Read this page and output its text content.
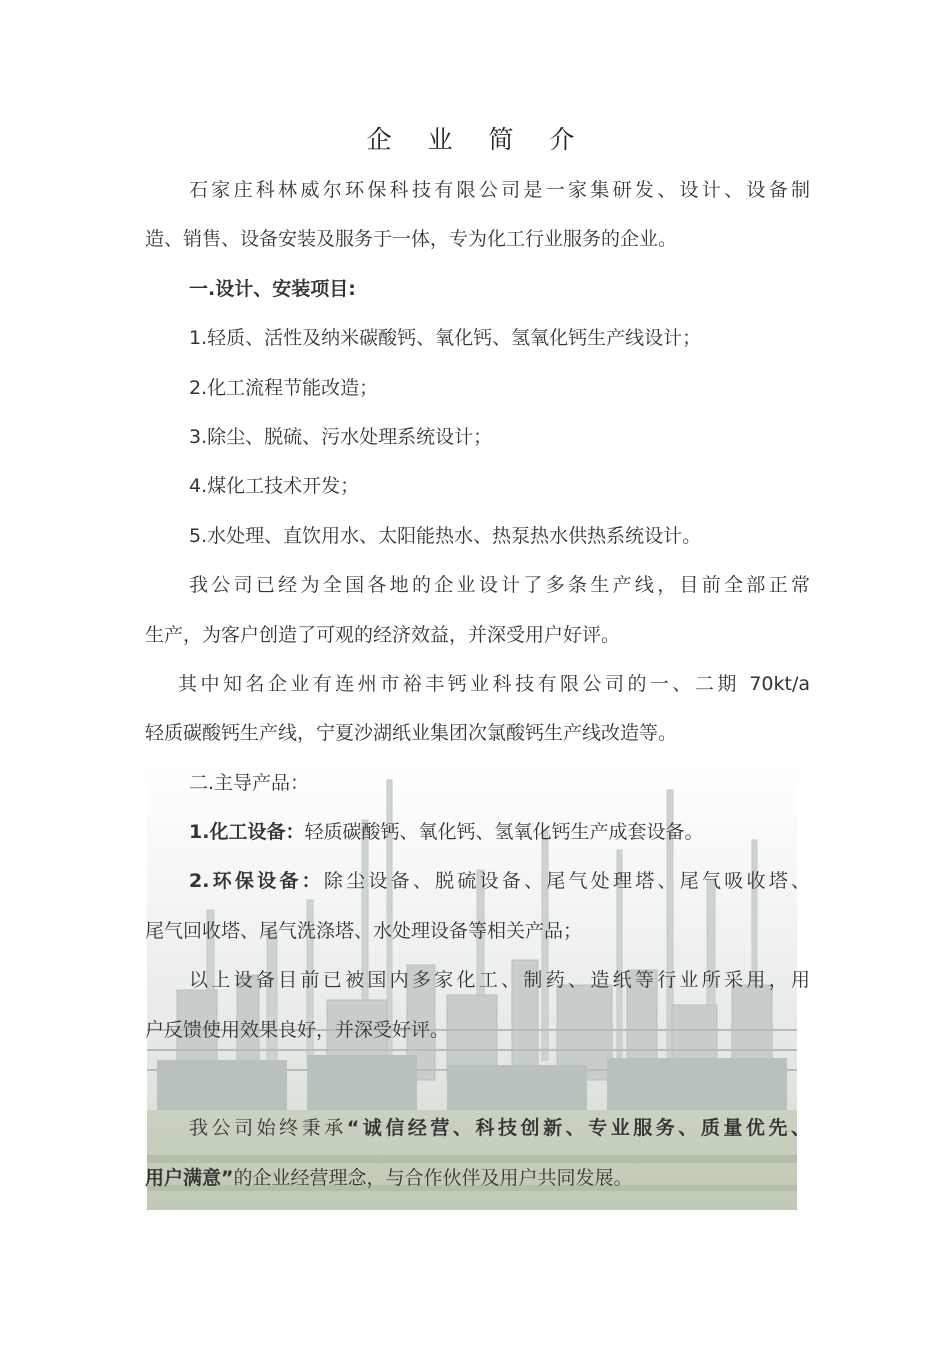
企 业 简 介
石家庄科林威尔环保科技有限公司是一家集研发、设计、设备制
造、销售、设备安装及服务于一体，专为化工行业服务的企业。
一.设计、安装项目:
1.轻质、活性及纳米碳酸钙、氧化钙、氢氧化钙生产线设计；
2.化工流程节能改造；
3.除尘、脱硫、污水处理系统设计；
4.煤化工技术开发；
5.水处理、直饮用水、太阳能热水、热泵热水供热系统设计。
我公司已经为全国各地的企业设计了多条生产线，目前全部正常
生产，为客户创造了可观的经济效益，并深受用户好评。
其中知名企业有连州市裕丰钙业科技有限公司的一、二期 70kt/a
轻质碳酸钙生产线，宁夏沙湖纸业集团次氯酸钙生产线改造等。
二.主导产品：
1.化工设备：轻质碳酸钙、氧化钙、氢氧化钙生产成套设备。
2.环保设备：除尘设备、脱硫设备、尾气处理塔、尾气吸收塔、
尾气回收塔、尾气洗涤塔、水处理设备等相关产品；
以上设备目前已被国内多家化工、制药、造纸等行业所采用，用
户反馈使用效果良好，并深受好评。
我公司始终秉承“诚信经营、科技创新、专业服务、质量优先、
用户满意”的企业经营理念，与合作伙伴及用户共同发展。
